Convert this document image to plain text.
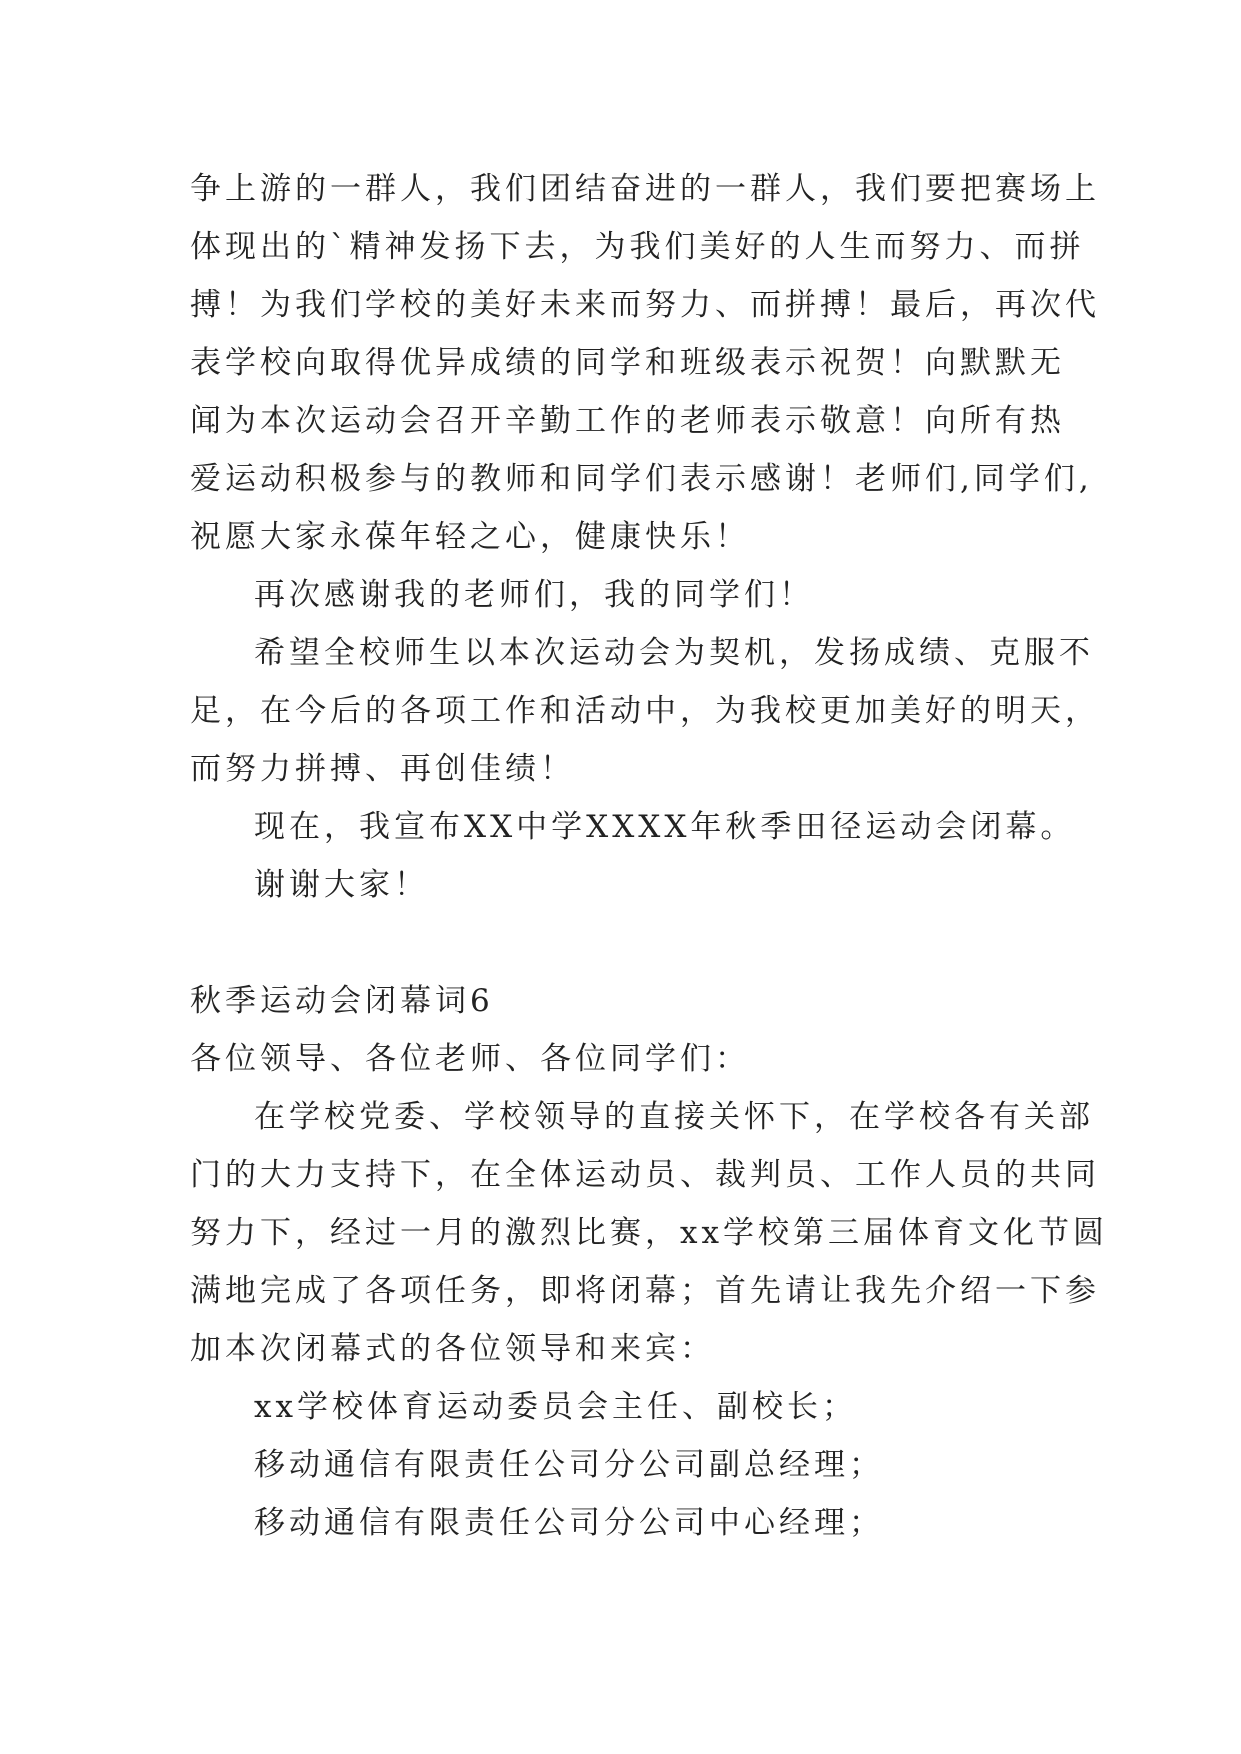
争上游的一群人，我们团结奋进的一群人，我们要把赛场上
体现出的`精神发扬下去，为我们美好的人生而努力、而拼
搏！为我们学校的美好未来而努力、而拼搏！最后，再次代
表学校向取得优异成绩的同学和班级表示祝贺！向默默无
闻为本次运动会召开辛勤工作的老师表示敬意！向所有热
爱运动积极参与的教师和同学们表示感谢！老师们,同学们,
祝愿大家永葆年轻之心，健康快乐！
再次感谢我的老师们，我的同学们！
希望全校师生以本次运动会为契机，发扬成绩、克服不
足，在今后的各项工作和活动中，为我校更加美好的明天，
而努力拼搏、再创佳绩！
现在，我宣布XX中学XXXX年秋季田径运动会闭幕。
谢谢大家！
秋季运动会闭幕词6
各位领导、各位老师、各位同学们：
在学校党委、学校领导的直接关怀下，在学校各有关部
门的大力支持下，在全体运动员、裁判员、工作人员的共同
努力下，经过一月的激烈比赛，xx学校第三届体育文化节圆
满地完成了各项任务，即将闭幕；首先请让我先介绍一下参
加本次闭幕式的各位领导和来宾：
xx学校体育运动委员会主任、副校长；
移动通信有限责任公司分公司副总经理；
移动通信有限责任公司分公司中心经理；
